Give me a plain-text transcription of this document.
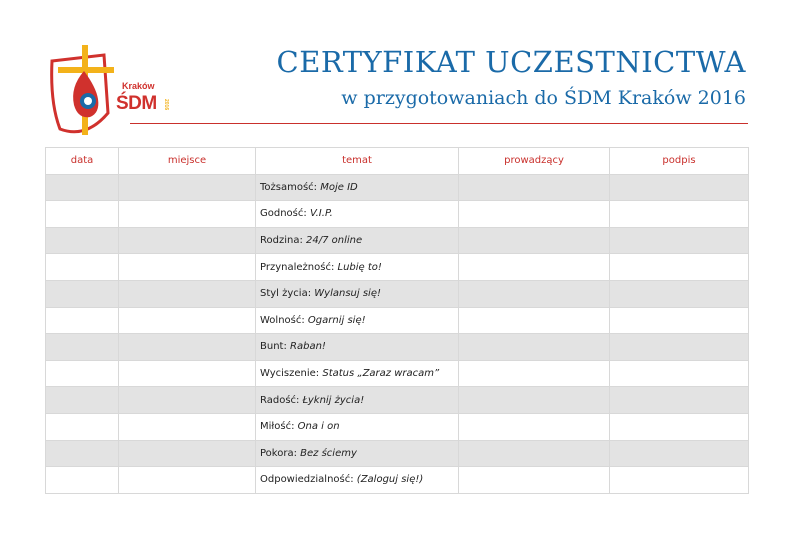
Kraków
ŚDM 2016
CERTYFIKAT UCZESTNICTWA
w przygotowaniach do ŚDM Kraków 2016
data	miejsce	temat	prowadzący	podpis
		Tożsamość: Moje ID		
		Godność: V.I.P.		
		Rodzina: 24/7 online		
		Przynależność: Lubię to!		
		Styl życia: Wylansuj się!		
		Wolność: Ogarnij się!		
		Bunt: Raban!		
		Wyciszenie: Status „Zaraz wracam”		
		Radość: Łyknij życia!		
		Miłość: Ona i on		
		Pokora: Bez ściemy		
		Odpowiedzialność: (Zaloguj się!)		
